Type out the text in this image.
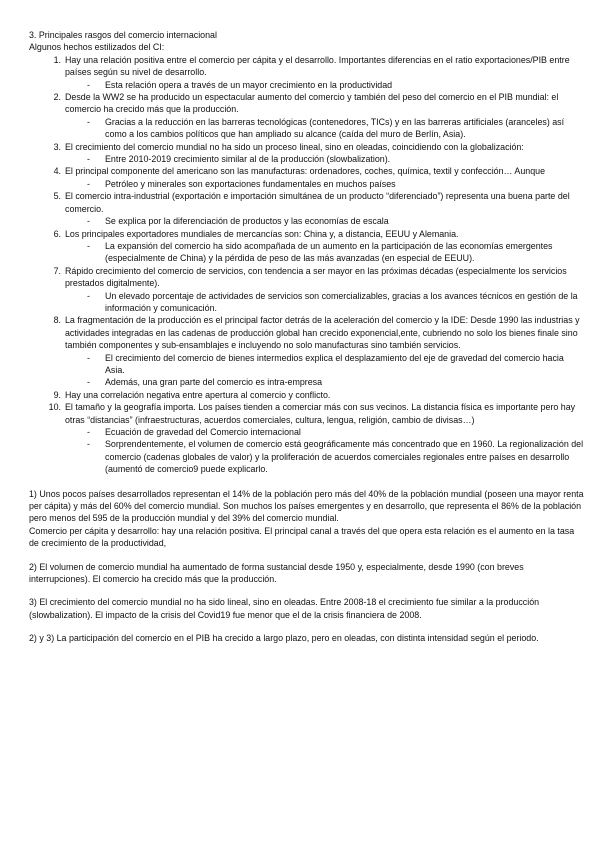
3. Principales rasgos del comercio internacional

Algunos hechos estilizados del CI:

1 . Hay una relación positiva entre el comercio per cápita y el desarrollo. Importantes diferencias en el ratio exportaciones/PIB entre países según su nivel de desarrollo.
- Esta relación opera a través de un mayor crecimiento en la productividad
2 . Desde la WW2 se ha producido un espectacular aumento del comercio y también del peso del comercio en el PIB mundial: el comercio ha crecido más que la producción.
- Gracias a la reducción en las barreras tecnológicas (contenedores, TICs) y en las barreras artificiales (aranceles) así como a los cambios políticos que han ampliado su alcance (caída del muro de Berlín, Asia).
3 . El crecimiento del comercio mundial no ha sido un proceso lineal, sino en oleadas, coincidiendo con la globalización:
- Entre 2010-2019 crecimiento similar al de la producción (slowbalization).
4 . El principal componente del americano son las manufacturas: ordenadores, coches, química, textil y confección… Aunque
- Petróleo y minerales son exportaciones fundamentales en muchos países
5 . El comercio intra-industrial (exportación e importación simultánea de un producto “diferenciado”) representa una buena parte del comercio.
- Se explica por la diferenciación de productos y las economías de escala
6 . Los principales exportadores mundiales de mercancías son: China y, a distancia, EEUU y Alemania.
- La expansión del comercio ha sido acompañada de un aumento en la participación de las economías emergentes (especialmente de China) y la pérdida de peso de las más avanzadas (en especial de EEUU).
7 . Rápido crecimiento del comercio de servicios, con tendencia a ser mayor en las próximas décadas (especialmente los servicios prestados digitalmente).
- Un elevado porcentaje de actividades de servicios son comercializables, gracias a los avances técnicos en gestión de la información y comunicación.
8 . La fragmentación de la producción es el principal factor detrás de la aceleración del comercio y la IDE: Desde 1990 las industrias y actividades integradas en las cadenas de producción global han crecido exponencial,ente, cubriendo no solo los bienes finale sino también componentes y sub-ensamblajes e incluyendo no solo manufacturas sino también servicios.
- El crecimiento del comercio de bienes intermedios explica el desplazamiento del eje de gravedad del comercio hacia Asia.
- Además, una gran parte del comercio es intra-empresa
9 . Hay una correlación negativa entre apertura al comercio y conflicto.
10 . El tamaño y la geografía importa. Los países tienden a comerciar más con sus vecinos. La distancia física es importante pero hay otras “distancias” (infraestructuras, acuerdos comerciales, cultura, lengua, religión, cambio de divisas…)
- Ecuación de gravedad del Comercio internacional
- Sorprendentemente, el volumen de comercio está geográficamente más concentrado que en 1960. La regionalización del comercio (cadenas globales de valor) y la proliferación de acuerdos comerciales regionales entre países en desarrollo (aumentó de comercio9 puede explicarlo.

1) Unos pocos países desarrollados representan el 14% de la población pero más del 40% de la población mundial (poseen una mayor renta per cápita) y más del 60% del comercio mundial. Son muchos los países emergentes y en desarrollo, que representa el 86% de la población pero menos del 595 de la producción mundial y del 39% del comercio mundial.

Comercio per cápita y desarrollo: hay una relación positiva. El principal canal a través del que opera esta relación es el aumento en la tasa de crecimiento de la productividad,

2) El volumen de comercio mundial ha aumentado de forma sustancial desde 1950 y, especialmente, desde 1990 (con breves interrupciones). El comercio ha crecido más que la producción.

3) El crecimiento del comercio mundial no ha sido lineal, sino en oleadas. Entre 2008-18 el crecimiento fue similar a la producción (slowbalization). El impacto de la crisis del Covid19 fue menor que el de la crisis financiera de 2008.

2) y 3) La participación del comercio en el PIB ha crecido a largo plazo, pero en oleadas, con distinta intensidad según el periodo.
